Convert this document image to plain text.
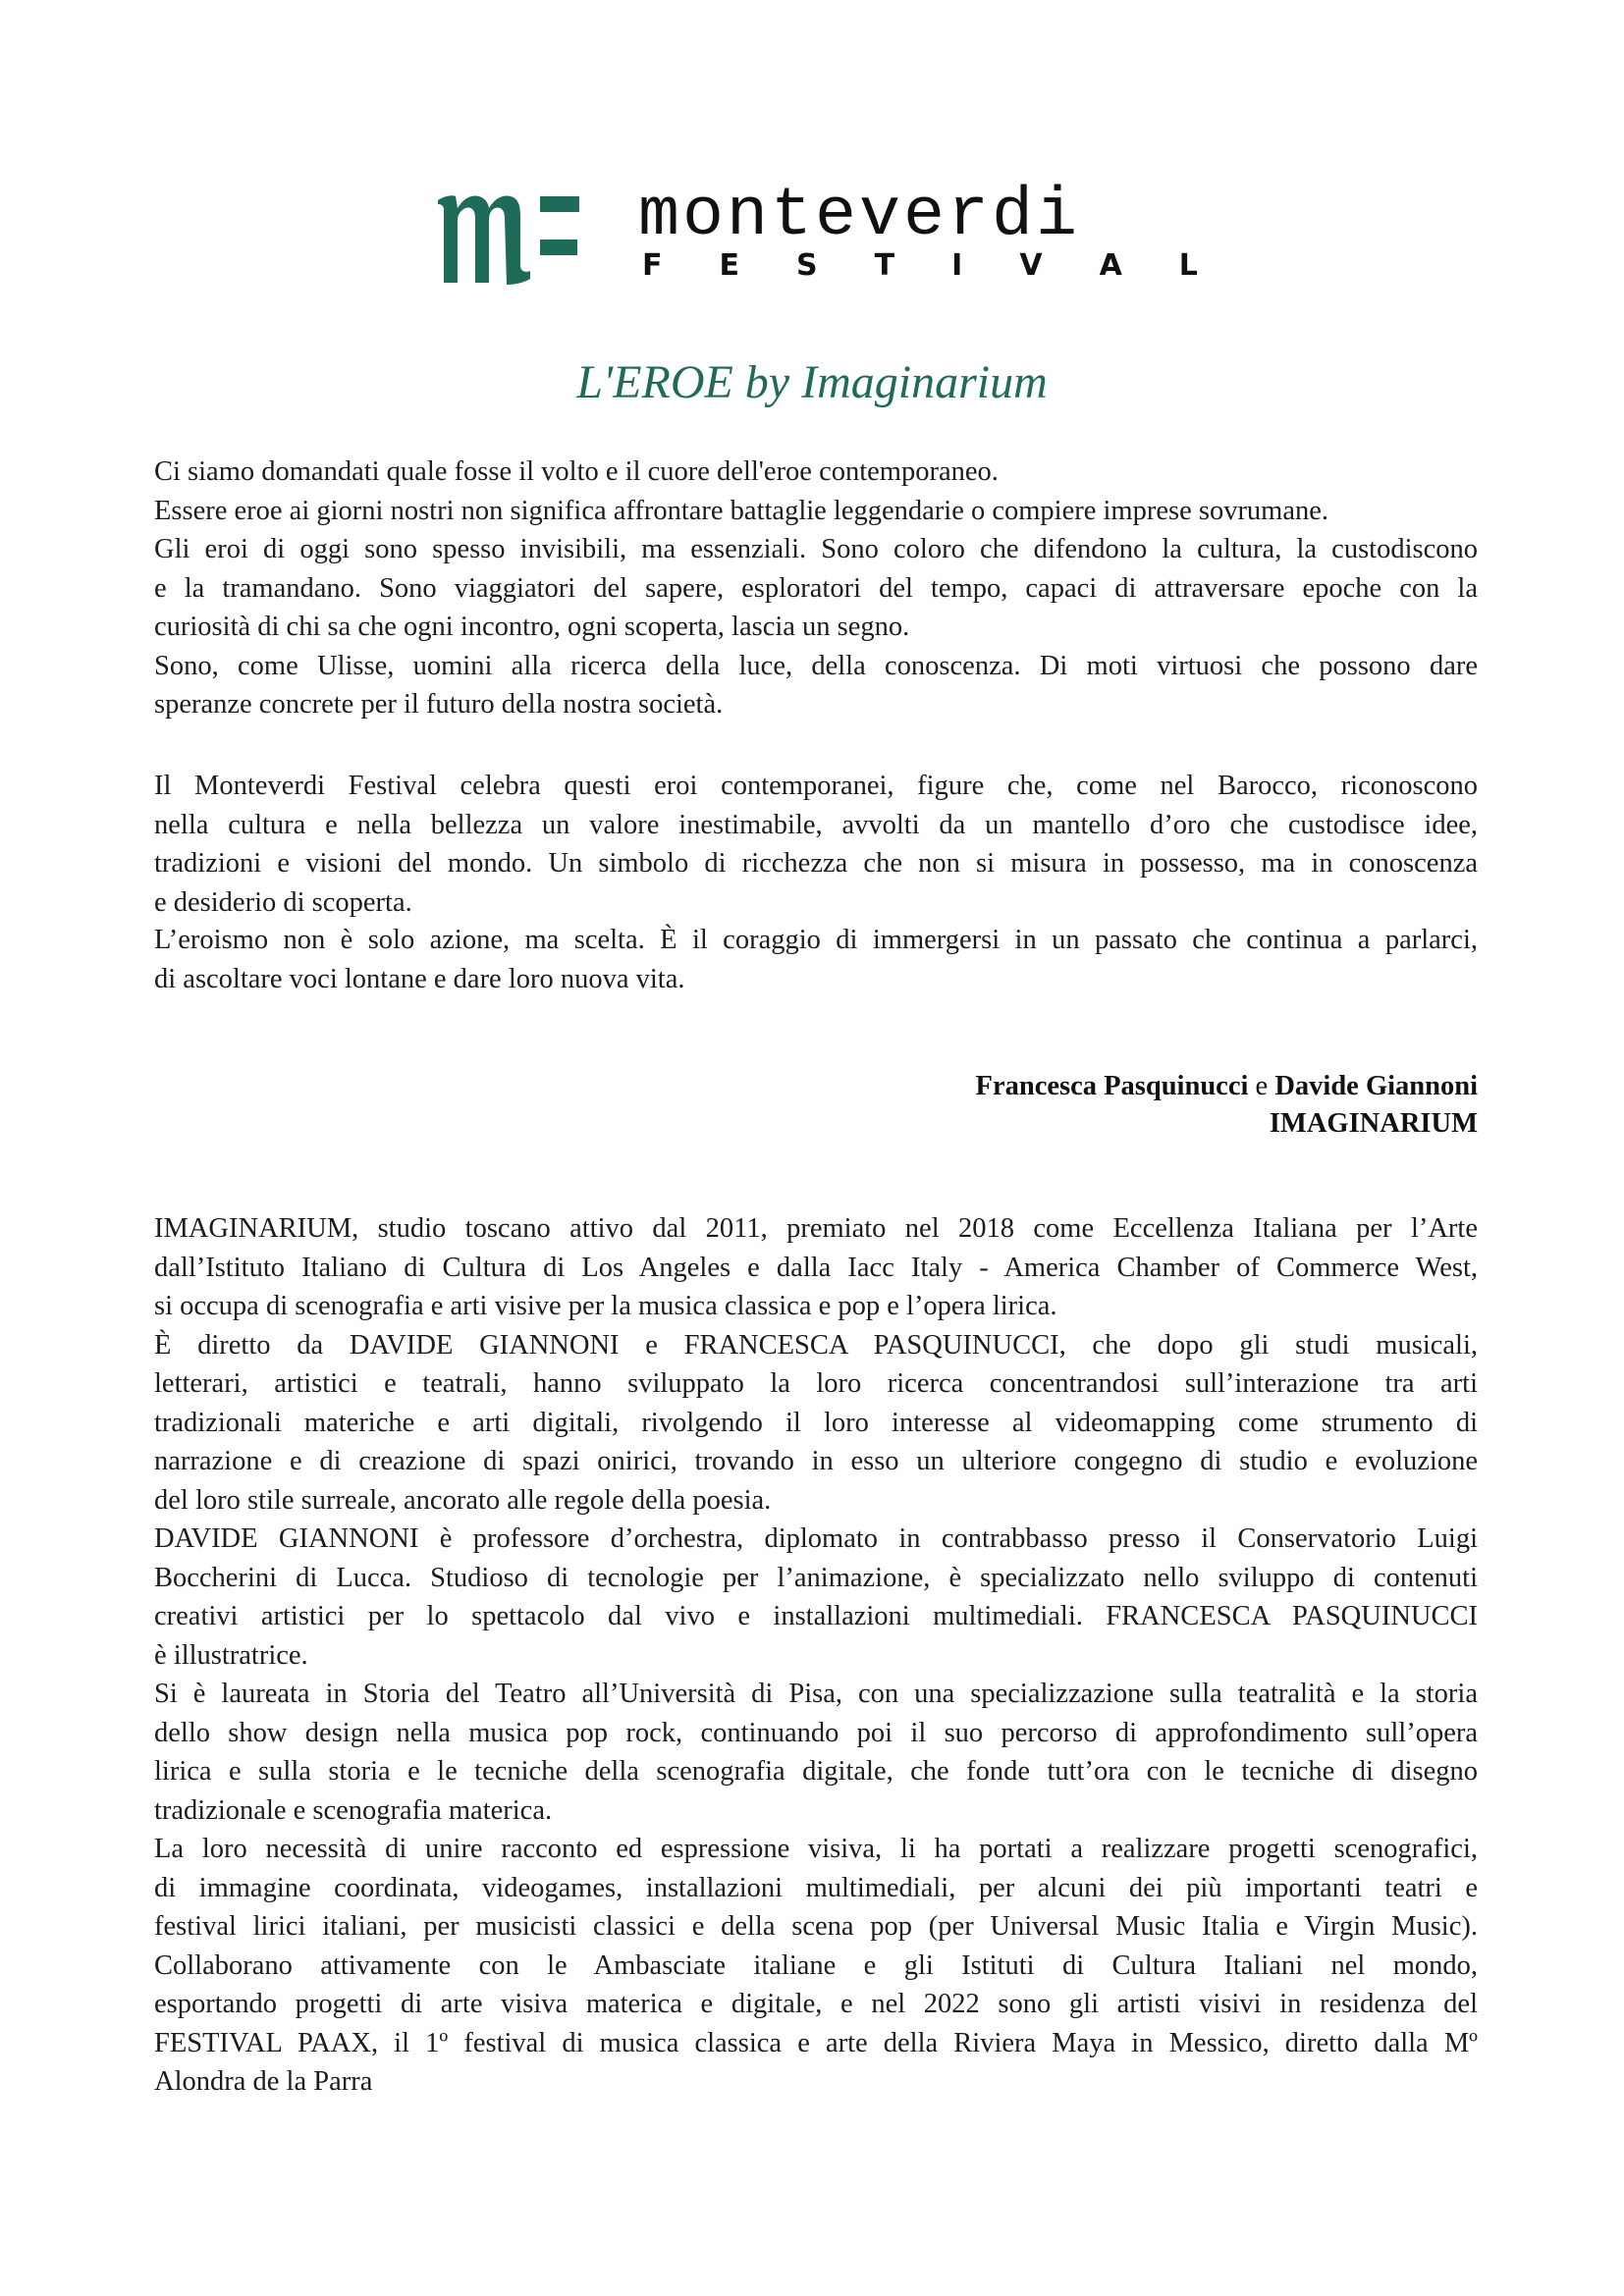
monteverdi
F E S T I V A L
L'EROE by Imaginarium
Ci siamo domandati quale fosse il volto e il cuore dell'eroe contemporaneo.
Essere eroe ai giorni nostri non significa affrontare battaglie leggendarie o compiere imprese sovrumane.
Gli eroi di oggi sono spesso invisibili, ma essenziali. Sono coloro che difendono la cultura, la custodiscono
e la tramandano. Sono viaggiatori del sapere, esploratori del tempo, capaci di attraversare epoche con la
curiosità di chi sa che ogni incontro, ogni scoperta, lascia un segno.
Sono, come Ulisse, uomini alla ricerca della luce, della conoscenza. Di moti virtuosi che possono dare
speranze concrete per il futuro della nostra società.
Il Monteverdi Festival celebra questi eroi contemporanei, figure che, come nel Barocco, riconoscono
nella cultura e nella bellezza un valore inestimabile, avvolti da un mantello d’oro che custodisce idee,
tradizioni e visioni del mondo. Un simbolo di ricchezza che non si misura in possesso, ma in conoscenza
e desiderio di scoperta.
L’eroismo non è solo azione, ma scelta. È il coraggio di immergersi in un passato che continua a parlarci,
di ascoltare voci lontane e dare loro nuova vita.
Francesca Pasquinucci e Davide Giannoni
IMAGINARIUM
IMAGINARIUM, studio toscano attivo dal 2011, premiato nel 2018 come Eccellenza Italiana per l’Arte
dall’Istituto Italiano di Cultura di Los Angeles e dalla Iacc Italy - America Chamber of Commerce West,
si occupa di scenografia e arti visive per la musica classica e pop e l’opera lirica.
È diretto da DAVIDE GIANNONI e FRANCESCA PASQUINUCCI, che dopo gli studi musicali,
letterari, artistici e teatrali, hanno sviluppato la loro ricerca concentrandosi sull’interazione tra arti
tradizionali materiche e arti digitali, rivolgendo il loro interesse al videomapping come strumento di
narrazione e di creazione di spazi onirici, trovando in esso un ulteriore congegno di studio e evoluzione
del loro stile surreale, ancorato alle regole della poesia.
DAVIDE GIANNONI è professore d’orchestra, diplomato in contrabbasso presso il Conservatorio Luigi
Boccherini di Lucca. Studioso di tecnologie per l’animazione, è specializzato nello sviluppo di contenuti
creativi artistici per lo spettacolo dal vivo e installazioni multimediali. FRANCESCA PASQUINUCCI
è illustratrice.
Si è laureata in Storia del Teatro all’Università di Pisa, con una specializzazione sulla teatralità e la storia
dello show design nella musica pop rock, continuando poi il suo percorso di approfondimento sull’opera
lirica e sulla storia e le tecniche della scenografia digitale, che fonde tutt’ora con le tecniche di disegno
tradizionale e scenografia materica.
La loro necessità di unire racconto ed espressione visiva, li ha portati a realizzare progetti scenografici,
di immagine coordinata, videogames, installazioni multimediali, per alcuni dei più importanti teatri e
festival lirici italiani, per musicisti classici e della scena pop (per Universal Music Italia e Virgin Music).
Collaborano attivamente con le Ambasciate italiane e gli Istituti di Cultura Italiani nel mondo,
esportando progetti di arte visiva materica e digitale, e nel 2022 sono gli artisti visivi in residenza del
FESTIVAL PAAX, il 1º festival di musica classica e arte della Riviera Maya in Messico, diretto dalla Mº
Alondra de la Parra
